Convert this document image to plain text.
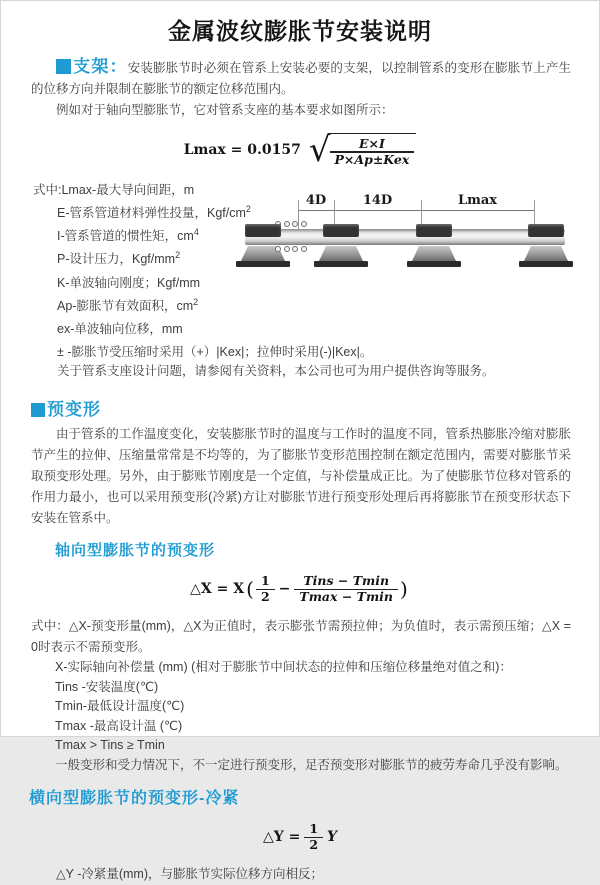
金属波纹膨胀节安装说明

支架：安装膨胀节时必须在管系上安装必要的支架，以控制管系的变形在膨胀节上产生的位移方向并限制在膨胀节的额定位移范围内。

例如对于轴向型膨胀节，它对管系支座的基本要求如图所示：

Lmax = 0.0157 √ $\frac{E\times I}{\text{P×Ap±Kex}}$
式中:Lmax-最大导向间距，m
E-管系管道材料弹性投量，Kgf/$cm^2$
I-管系管道的惯性矩，$cm^4$
P-设计压力，Kgf/$mm^2$
K-单波轴向刚度；Kgf/mm
Ap-膨胀节有效面积，$cm^2$
ex-单波轴向位移，mm
± -膨胀节受压缩时采用（+）|Kex|；拉伸时采用(-)|Kex|。
关于管系支座设计问题，请参阅有关资料，本公司也可为用户提供咨询等服务。
4D	14D	Lmax
预变形

由于管系的工作温度变化，安装膨胀节时的温度与工作时的温度不同，管系热膨胀冷缩对膨胀节产生的拉伸、压缩量常常是不均等的，为了膨胀节变形范围控制在额定范围内，需要对膨胀节采取预变形处理。另外，由于膨账节刚度是一个定值，与补偿量成正比。为了使膨胀节位移对管系的作用力最小，也可以采用预变形(冷紧)方让对膨胀节进行预变形处理后再将膨胀节在预变形状态下安装在管系中。

轴向型膨胀节的预变形
△X = X ( $\frac{1}{2} - \frac{\text{Tins − Tmin}}{Tmax - Tmin}$ )

式中：△X-预变形量(mm)，△X为正值时，表示膨张节需预拉伸；为负值时，表示需预压缩；△X = 0时表示不需预变形。

X-实际轴向补偿量 (mm) (相对于膨胀节中间状态的拉伸和压缩位移量绝对值之和)：
Tins -安装温度(℃)
Tmin-最低设计温度(℃)
Tmax -最高设计温 (℃)
Tmax > Tins ≥ Tmin
一般变形和受力情况下，不一定进行预变形，足否预变形对膨胀节的疲劳寿命几乎没有影响。
横向型膨胀节的预变形-冷紧
△Y = $\frac{1}{2}$ Y

△Y -冷紧量(mm)，与膨胀节实际位移方向相反；
